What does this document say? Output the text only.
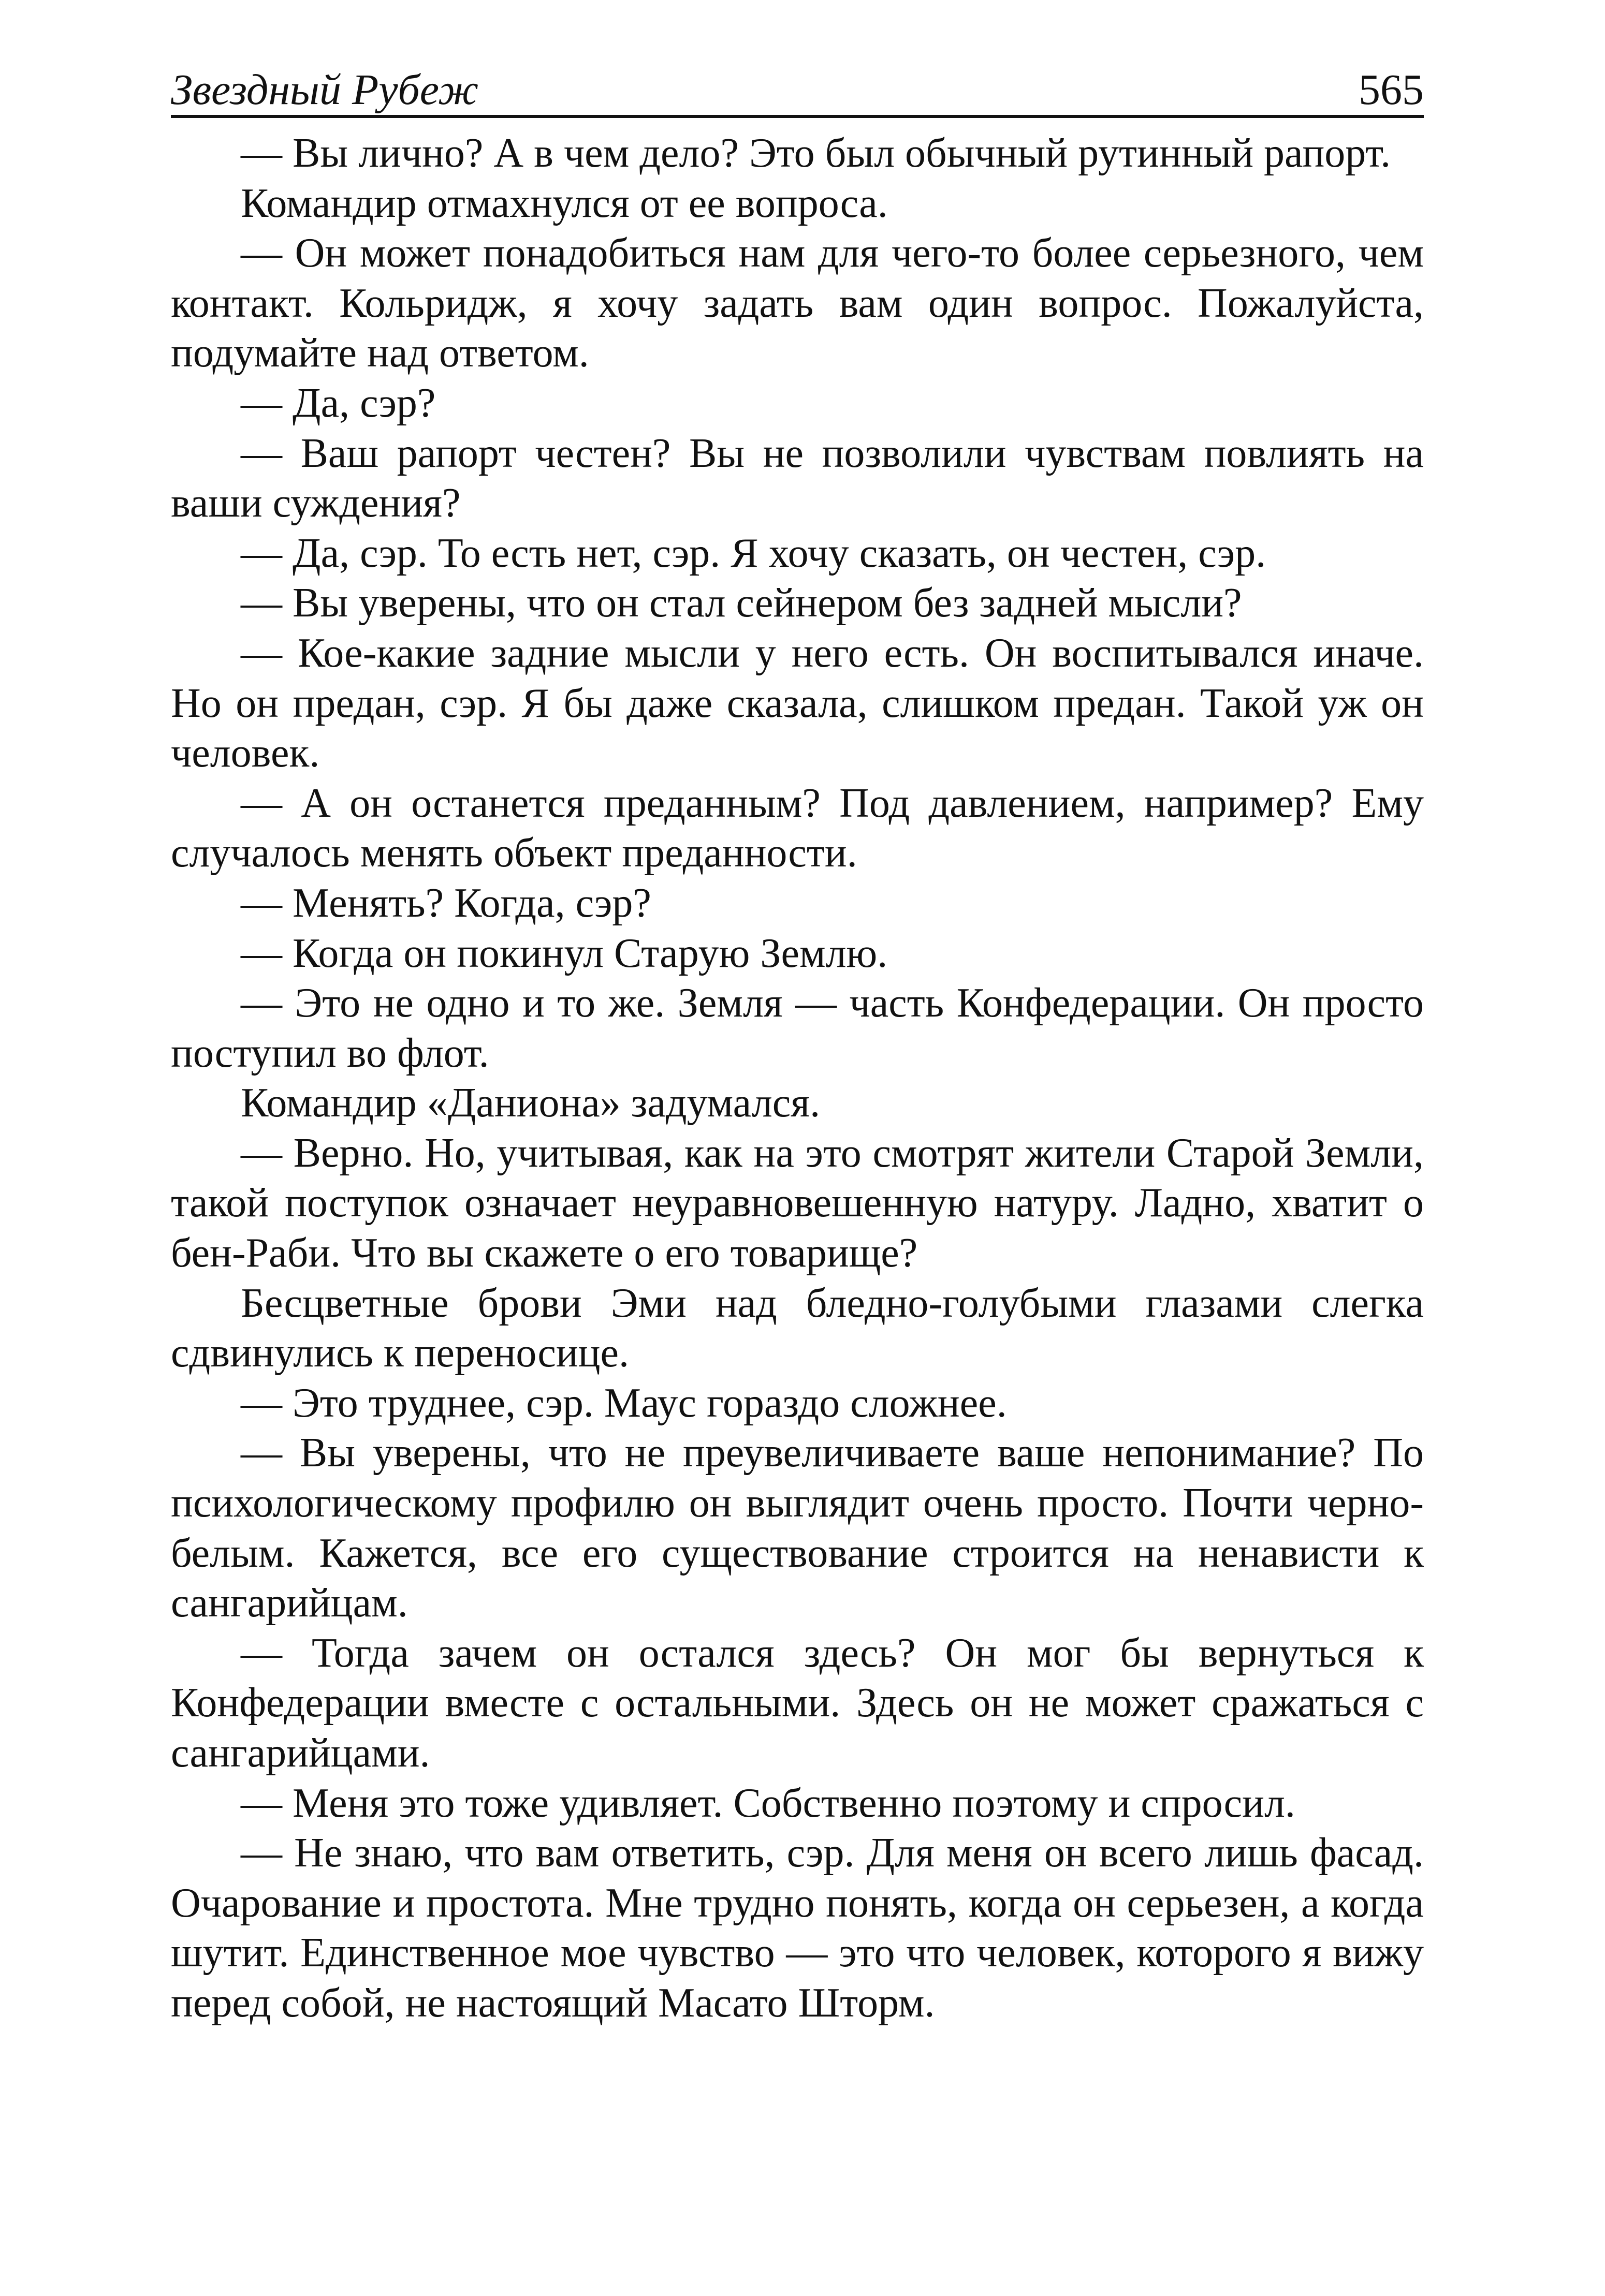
Звездный Рубеж	565

— Вы лично? А в чем дело? Это был обычный рутинный рапорт.

Командир отмахнулся от ее вопроса.

— Он может понадобиться нам для чего-то более серьезного, чем контакт. Кольридж, я хочу задать вам один вопрос. Пожалуйста, подумайте над ответом.

— Да, сэр?

— Ваш рапорт честен? Вы не позволили чувствам повлиять на ваши суждения?

— Да, сэр. То есть нет, сэр. Я хочу сказать, он честен, сэр.

— Вы уверены, что он стал сейнером без задней мысли?

— Кое-какие задние мысли у него есть. Он воспитывался иначе. Но он предан, сэр. Я бы даже сказала, слишком предан. Такой уж он человек.

— А он останется преданным? Под давлением, например? Ему случалось менять объект преданности.

— Менять? Когда, сэр?

— Когда он покинул Старую Землю.

— Это не одно и то же. Земля — часть Конфедерации. Он просто поступил во флот.

Командир «Даниона» задумался.

— Верно. Но, учитывая, как на это смотрят жители Старой Земли, такой поступок означает неуравновешенную натуру. Ладно, хватит о бен-Раби. Что вы скажете о его товарище?

Бесцветные брови Эми над бледно-голубыми глазами слегка сдвинулись к переносице.

— Это труднее, сэр. Маус гораздо сложнее.

— Вы уверены, что не преувеличиваете ваше непонимание? По психологическому профилю он выглядит очень просто. Почти черно-белым. Кажется, все его существование строится на ненависти к сангарийцам.

— Тогда зачем он остался здесь? Он мог бы вернуться к Конфедерации вместе с остальными. Здесь он не может сражаться с сангарийцами.

— Меня это тоже удивляет. Собственно поэтому и спросил.

— Не знаю, что вам ответить, сэр. Для меня он всего лишь фасад. Очарование и простота. Мне трудно понять, когда он серьезен, а когда шутит. Единственное мое чувство — это что человек, которого я вижу перед собой, не настоящий Масато Шторм.
